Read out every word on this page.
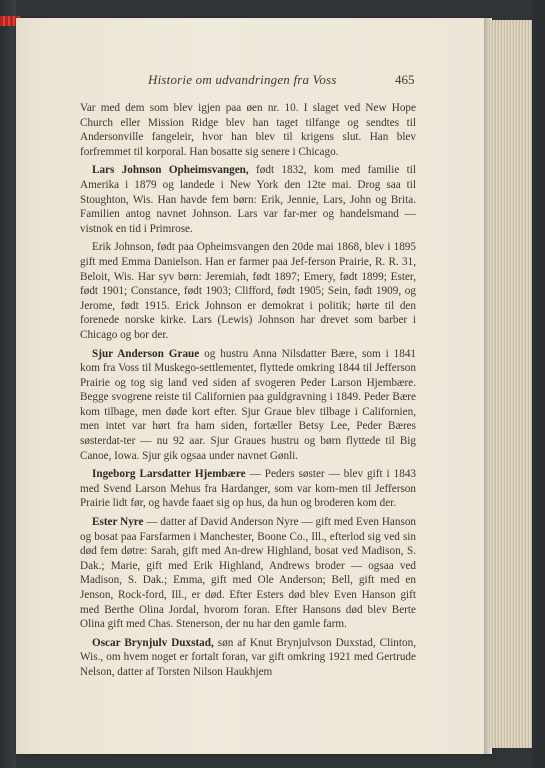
Historie om udvandringen fra Voss	465

Var med dem som blev igjen paa øen nr. 10. I slaget ved New Hope Church eller Mission Ridge blev han taget tilfange og sendtes til Andersonville fangeleir, hvor han blev til krigens slut. Han blev forfremmet til korporal. Han bosatte sig senere i Chicago.

Lars Johnson Opheimsvangen, født 1832, kom med familie til Amerika i 1879 og landede i New York den 12te mai. Drog saa til Stoughton, Wis. Han havde fem børn: Erik, Jennie, Lars, John og Brita. Familien antog navnet Johnson. Lars var far-mer og handelsmand — vistnok en tid i Primrose.

Erik Johnson, født paa Opheimsvangen den 20de mai 1868, blev i 1895 gift med Emma Danielson. Han er farmer paa Jef-ferson Prairie, R. R. 31, Beloit, Wis. Har syv børn: Jeremiah, født 1897; Emery, født 1899; Ester, født 1901; Constance, født 1903; Clifford, født 1905; Sein, født 1909, og Jerome, født 1915. Erick Johnson er demokrat i politik; hørte til den forenede norske kirke. Lars (Lewis) Johnson har drevet som barber i Chicago og bor der.

Sjur Anderson Graue og hustru Anna Nilsdatter Bære, som i 1841 kom fra Voss til Muskego-settlementet, flyttede omkring 1844 til Jefferson Prairie og tog sig land ved siden af svogeren Peder Larson Hjembære. Begge svogrene reiste til Californien paa guldgravning i 1849. Peder Bære kom tilbage, men døde kort efter. Sjur Graue blev tilbage i Californien, men intet var hørt fra ham siden, fortæller Betsy Lee, Peder Bæres søsterdat-ter — nu 92 aar. Sjur Graues hustru og børn flyttede til Big Canoe, Iowa. Sjur gik ogsaa under navnet Gønli.

Ingeborg Larsdatter Hjembære — Peders søster — blev gift i 1843 med Svend Larson Mehus fra Hardanger, som var kom-men til Jefferson Prairie lidt før, og havde faaet sig op hus, da hun og broderen kom der.

Ester Nyre — datter af David Anderson Nyre — gift med Even Hanson og bosat paa Farsfarmen i Manchester, Boone Co., Ill., efterlod sig ved sin død fem døtre: Sarah, gift med An-drew Highland, bosat ved Madison, S. Dak.; Marie, gift med Erik Highland, Andrews broder — ogsaa ved Madison, S. Dak.; Emma, gift med Ole Anderson; Bell, gift med en Jenson, Rock-ford, Ill., er død. Efter Esters død blev Even Hanson gift med Berthe Olina Jordal, hvorom foran. Efter Hansons død blev Berte Olina gift med Chas. Stenerson, der nu har den gamle farm.

Oscar Brynjulv Duxstad, søn af Knut Brynjulvson Duxstad, Clinton, Wis., om hvem noget er fortalt foran, var gift omkring 1921 med Gertrude Nelson, datter af Torsten Nilson Haukhjem
